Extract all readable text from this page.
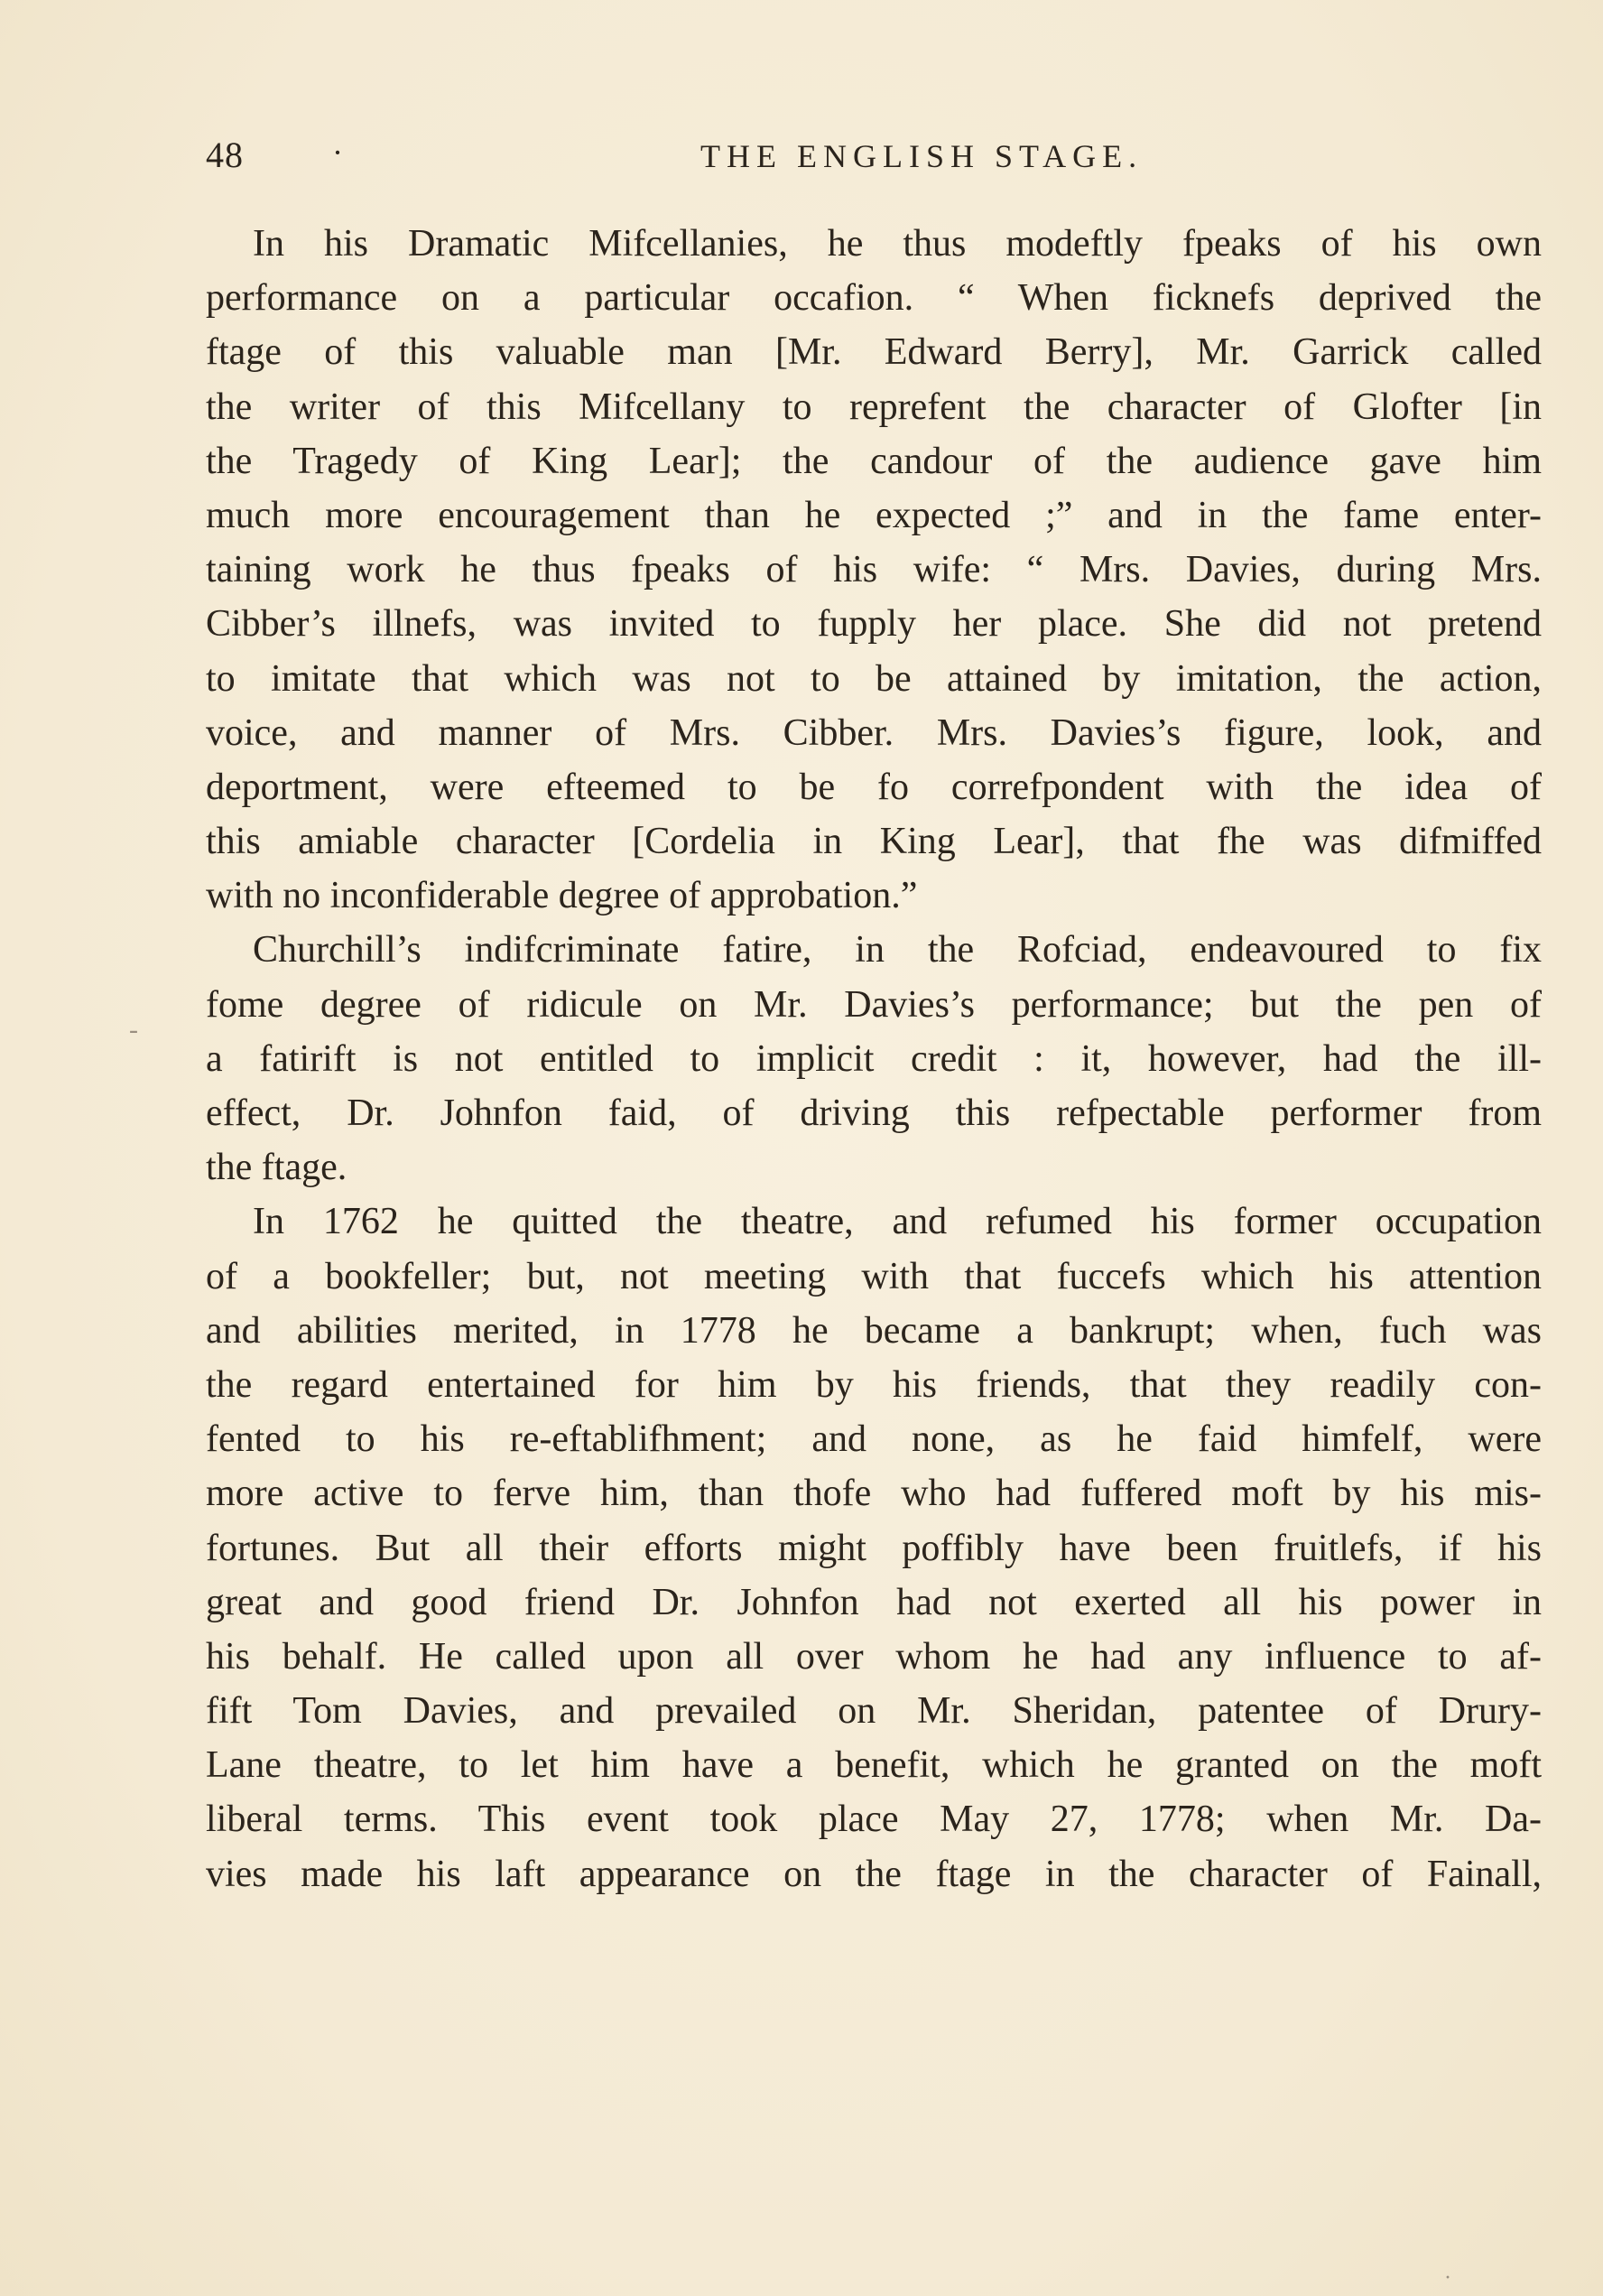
48	·	THE ENGLISH STAGE.
-
In his Dramatic Mifcellanies, he thus modeftly fpeaks of his own
performance on a particular occafion. “ When ficknefs deprived the
ftage of this valuable man [Mr. Edward Berry], Mr. Garrick called
the writer of this Mifcellany to reprefent the character of Glofter [in
the Tragedy of King Lear]; the candour of the audience gave him
much more encouragement than he expected ;” and in the fame enter-
taining work he thus fpeaks of his wife: “ Mrs. Davies, during Mrs.
Cibber’s illnefs, was invited to fupply her place. She did not pretend
to imitate that which was not to be attained by imitation, the action,
voice, and manner of Mrs. Cibber. Mrs. Davies’s figure, look, and
deportment, were efteemed to be fo correfpondent with the idea of
this amiable character [Cordelia in King Lear], that fhe was difmiffed
with no inconfiderable degree of approbation.”
Churchill’s indifcriminate fatire, in the Rofciad, endeavoured to fix
fome degree of ridicule on Mr. Davies’s performance; but the pen of
a fatirift is not entitled to implicit credit : it, however, had the ill-
effect, Dr. Johnfon faid, of driving this refpectable performer from
the ftage.
In 1762 he quitted the theatre, and refumed his former occupation
of a bookfeller; but, not meeting with that fuccefs which his attention
and abilities merited, in 1778 he became a bankrupt; when, fuch was
the regard entertained for him by his friends, that they readily con-
fented to his re-eftablifhment; and none, as he faid himfelf, were
more active to ferve him, than thofe who had fuffered moft by his mis-
fortunes. But all their efforts might poffibly have been fruitlefs, if his
great and good friend Dr. Johnfon had not exerted all his power in
his behalf. He called upon all over whom he had any influence to af-
fift Tom Davies, and prevailed on Mr. Sheridan, patentee of Drury-
Lane theatre, to let him have a benefit, which he granted on the moft
liberal terms. This event took place May 27, 1778; when Mr. Da-
vies made his laft appearance on the ftage in the character of Fainall,
·
